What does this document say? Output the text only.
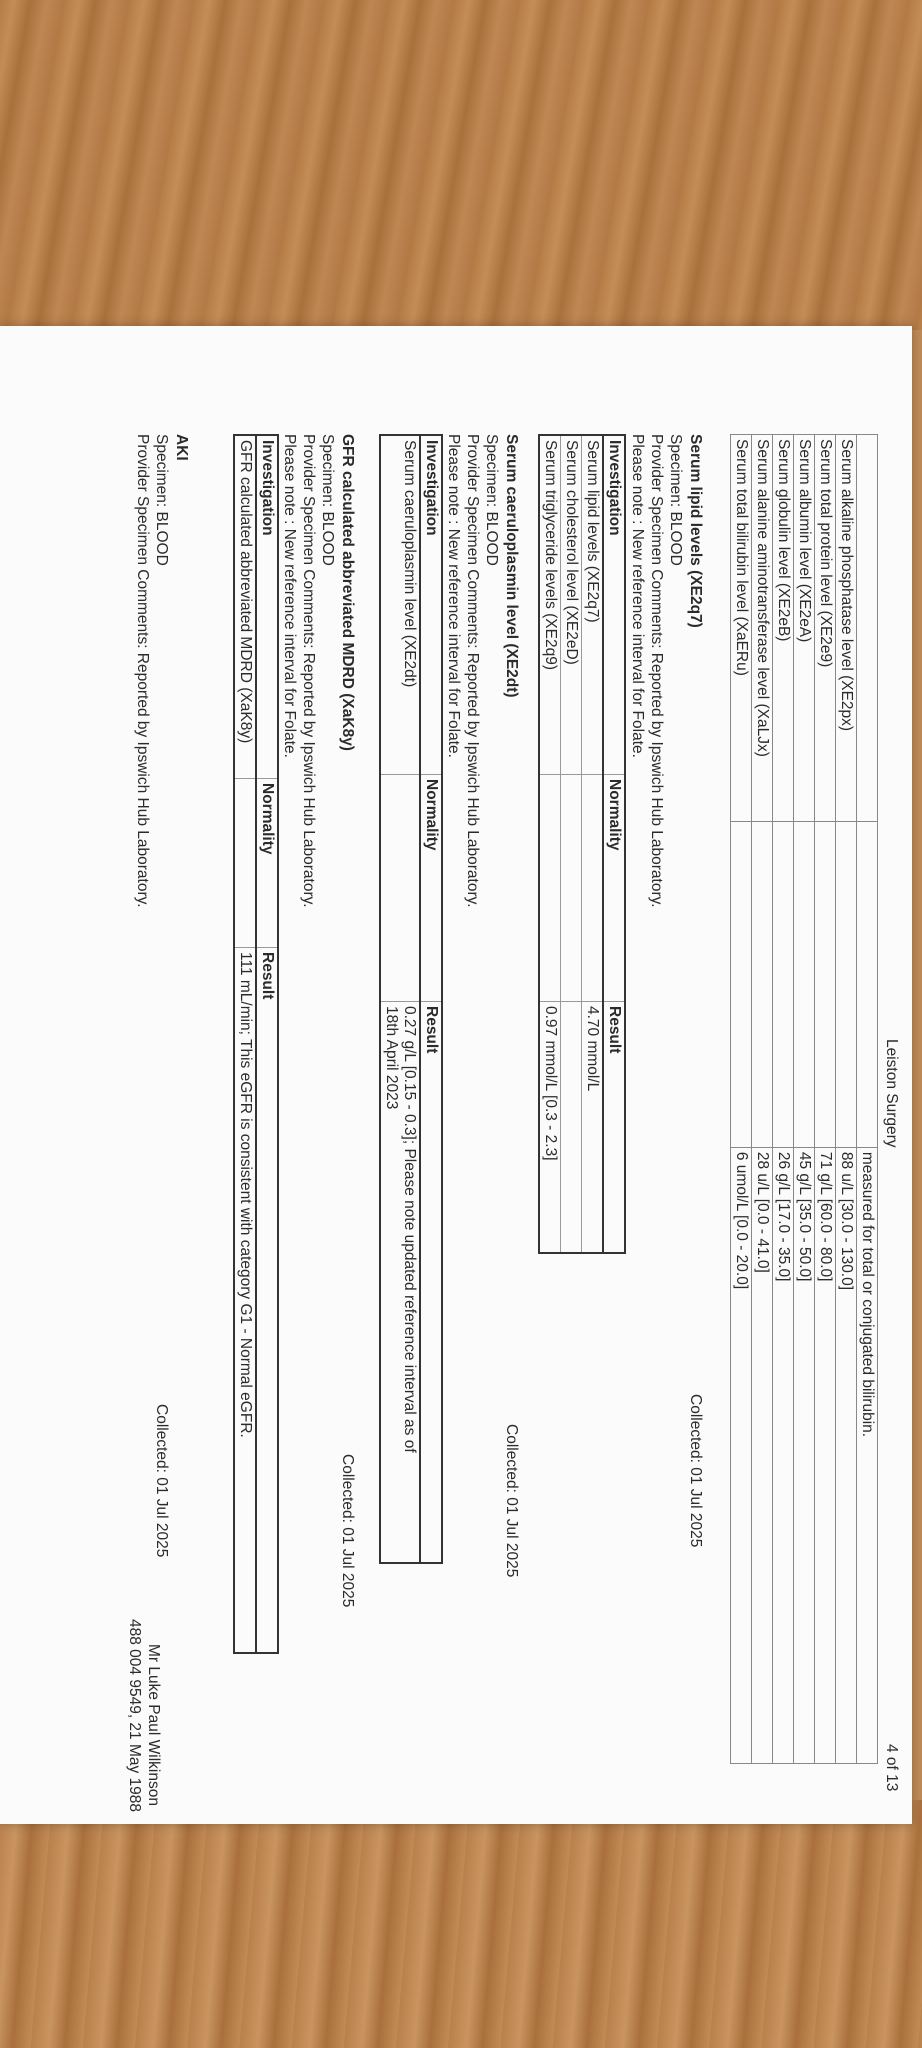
Leiston Surgery
4 of 13
		measured for total or conjugated bilirubin.
Serum alkaline phosphatase level (XE2px)		88 u/L [30.0 - 130.0]
Serum total protein level (XE2e9)		71 g/L [60.0 - 80.0]
Serum albumin level (XE2eA)		45 g/L [35.0 - 50.0]
Serum globulin level (XE2eB)		26 g/L [17.0 - 35.0]
Serum alanine aminotransferase level (XaLJx)		28 u/L [0.0 - 41.0]
Serum total bilirubin level (XaERu)		6 umol/L [0.0 - 20.0]
Serum lipid levels (XE2q7)
Collected: 01 Jul 2025
Specimen: BLOOD
Provider Specimen Comments: Reported by Ipswich Hub Laboratory.
Please note : New reference interval for Folate.
Investigation	Normality	Result
Serum lipid levels (XE2q7)		4.70 mmol/L
Serum cholesterol level (XE2eD)		
Serum triglyceride levels (XE2q9)		0.97 mmol/L [0.3 - 2.3]
Serum caeruloplasmin level (XE2dt)
Collected: 01 Jul 2025
Specimen: BLOOD
Provider Specimen Comments: Reported by Ipswich Hub Laboratory.
Please note : New reference interval for Folate.
Investigation	Normality	Result
Serum caeruloplasmin level (XE2dt)		0.27 g/L [0.15 - 0.3]; Please note updated reference interval as of
18th April 2023
GFR calculated abbreviated MDRD (XaK8y)
Collected: 01 Jul 2025
Specimen: BLOOD
Provider Specimen Comments: Reported by Ipswich Hub Laboratory.
Please note : New reference interval for Folate.
Investigation	Normality	Result
GFR calculated abbreviated MDRD (XaK8y)		111 mL/min; This eGFR is consistent with category G1 - Normal eGFR.
AKI
Collected: 01 Jul 2025
Specimen: BLOOD
Provider Specimen Comments: Reported by Ipswich Hub Laboratory.
Mr Luke Paul Wilkinson
488 004 9549, 21 May 1988
